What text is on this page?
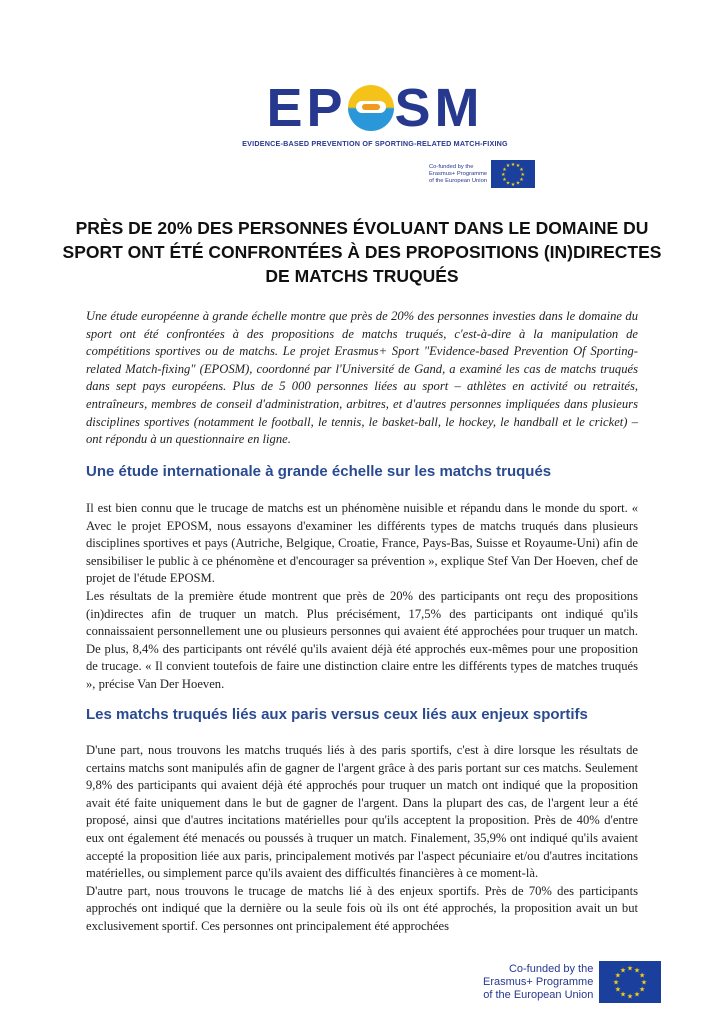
EP SM
EVIDENCE-BASED PREVENTION OF SPORTING-RELATED MATCH-FIXING
Co-funded by the
Erasmus+ Programme
of the European Union
★ ★
★
★
★
★
★
★
★
★
★
★
PRÈS DE 20% DES PERSONNES ÉVOLUANT DANS LE DOMAINE DU SPORT ONT ÉTÉ CONFRONTÉES À DES PROPOSITIONS (IN)DIRECTES DE MATCHS TRUQUÉS
Une étude européenne à grande échelle montre que près de 20% des personnes investies dans le domaine du sport ont été confrontées à des propositions de matchs truqués, c'est-à-dire à la manipulation de compétitions sportives ou de matchs. Le projet Erasmus+ Sport "Evidence-based Prevention Of Sporting-related Match-fixing" (EPOSM), coordonné par l'Université de Gand, a examiné les cas de matchs truqués dans sept pays européens. Plus de 5 000 personnes liées au sport – athlètes en activité ou retraités, entraîneurs, membres de conseil d'administration, arbitres, et d'autres personnes impliquées dans plusieurs disciplines sportives (notamment le football, le tennis, le basket-ball, le hockey, le handball et le cricket) – ont répondu à un questionnaire en ligne.
Une étude internationale à grande échelle sur les matchs truqués

Il est bien connu que le trucage de matchs est un phénomène nuisible et répandu dans le monde du sport. « Avec le projet EPOSM, nous essayons d'examiner les différents types de matchs truqués dans plusieurs disciplines sportives et pays (Autriche, Belgique, Croatie, France, Pays-Bas, Suisse et Royaume-Uni) afin de sensibiliser le public à ce phénomène et d'encourager sa prévention », explique Stef Van Der Hoeven, chef de projet de l'étude EPOSM.

Les résultats de la première étude montrent que près de 20% des participants ont reçu des propositions (in)directes afin de truquer un match. Plus précisément, 17,5% des participants ont indiqué qu'ils connaissaient personnellement une ou plusieurs personnes qui avaient été approchées pour truquer un match. De plus, 8,4% des participants ont révélé qu'ils avaient déjà été approchés eux-mêmes pour une proposition de trucage. « Il convient toutefois de faire une distinction claire entre les différents types de matches truqués », précise Van Der Hoeven.

Les matchs truqués liés aux paris versus ceux liés aux enjeux sportifs

D'une part, nous trouvons les matchs truqués liés à des paris sportifs, c'est à dire lorsque les résultats de certains matchs sont manipulés afin de gagner de l'argent grâce à des paris portant sur ces matchs. Seulement 9,8% des participants qui avaient déjà été approchés pour truquer un match ont indiqué que la proposition avait été faite uniquement dans le but de gagner de l'argent. Dans la plupart des cas, de l'argent leur a été proposé, ainsi que d'autres incitations matérielles pour qu'ils acceptent la proposition. Près de 40% d'entre eux ont également été menacés ou poussés à truquer un match. Finalement, 35,9% ont indiqué qu'ils avaient accepté la proposition liée aux paris, principalement motivés par l'aspect pécuniaire et/ou d'autres incitations matérielles, ou simplement parce qu'ils avaient des difficultés financières à ce moment-là.

D'autre part, nous trouvons le trucage de matchs lié à des enjeux sportifs. Près de 70% des participants approchés ont indiqué que la dernière ou la seule fois où ils ont été approchés, la proposition avait un but exclusivement sportif. Ces personnes ont principalement été approchées

Co-funded by the
Erasmus+ Programme
of the European Union
★ ★
★
★
★
★
★
★
★
★
★
★
